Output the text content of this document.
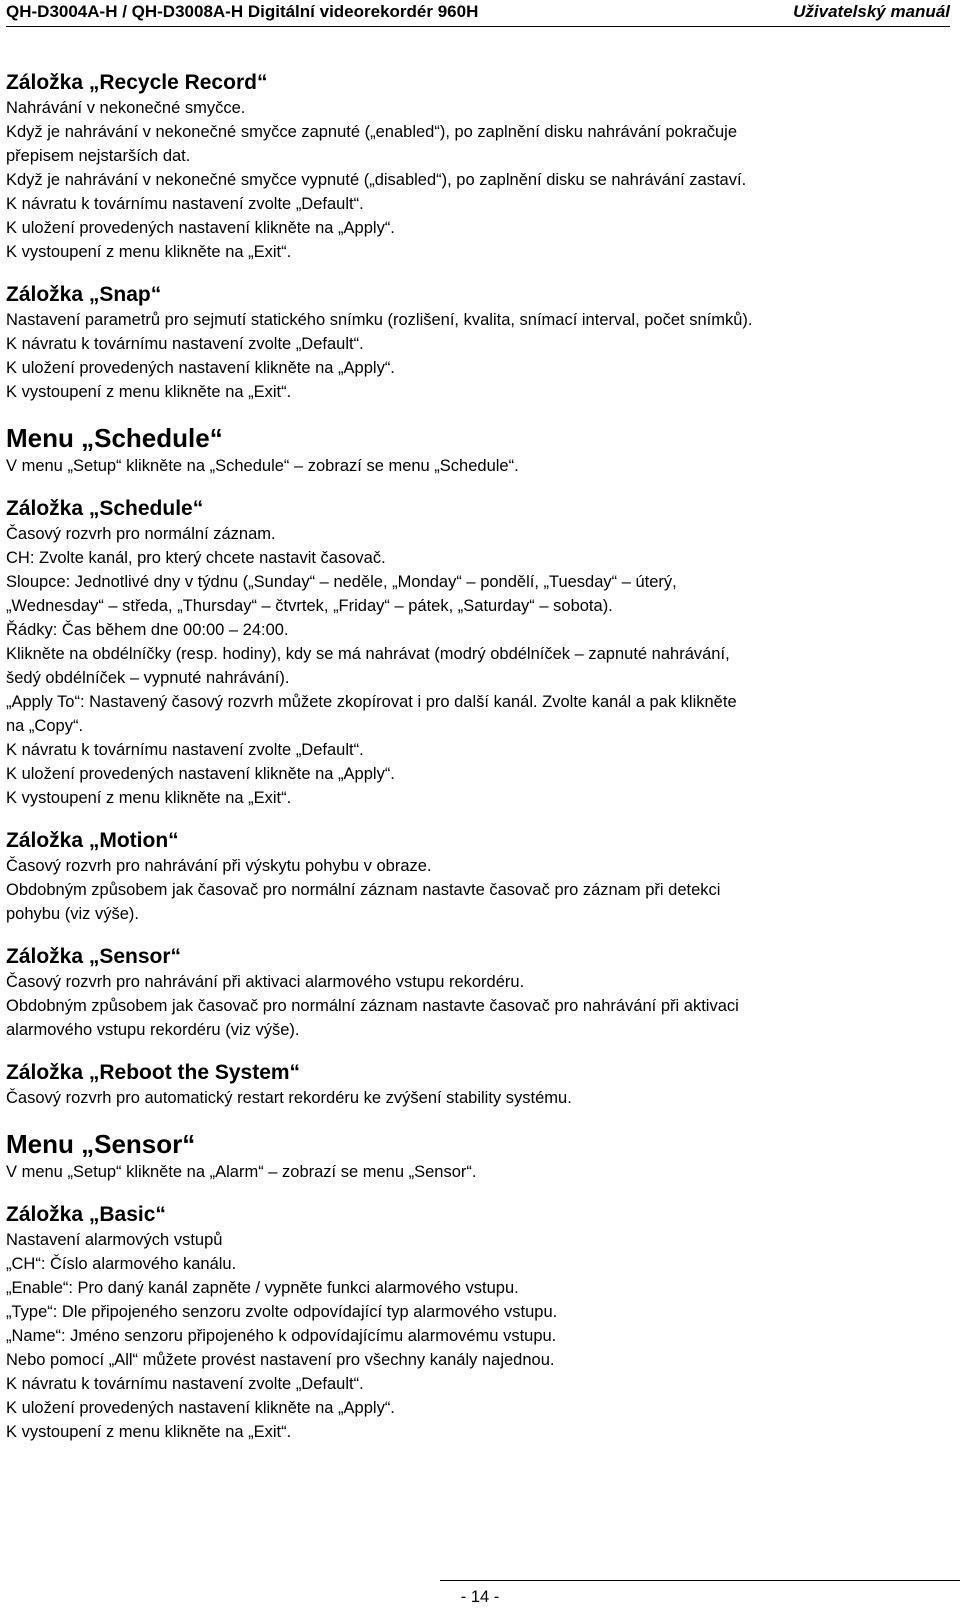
QH-D3004A-H / QH-D3008A-H Digitální videorekordér 960H	Uživatelský manuál
Záložka „Recycle Record“
Nahrávání v nekonečné smyčce.
Když je nahrávání v nekonečné smyčce zapnuté („enabled“), po zaplnění disku nahrávání pokračuje
přepisem nejstarších dat.
Když je nahrávání v nekonečné smyčce vypnuté („disabled“), po zaplnění disku se nahrávání zastaví.
K návratu k továrnímu nastavení zvolte „Default“.
K uložení provedených nastavení klikněte na „Apply“.
K vystoupení z menu klikněte na „Exit“.
Záložka „Snap“
Nastavení parametrů pro sejmutí statického snímku (rozlišení, kvalita, snímací interval, počet snímků).
K návratu k továrnímu nastavení zvolte „Default“.
K uložení provedených nastavení klikněte na „Apply“.
K vystoupení z menu klikněte na „Exit“.
Menu „Schedule“
V menu „Setup“ klikněte na „Schedule“ – zobrazí se menu „Schedule“.
Záložka „Schedule“
Časový rozvrh pro normální záznam.
CH: Zvolte kanál, pro který chcete nastavit časovač.
Sloupce: Jednotlivé dny v týdnu („Sunday“ – neděle, „Monday“ – pondělí, „Tuesday“ – úterý,
„Wednesday“ – středa, „Thursday“ – čtvrtek, „Friday“ – pátek, „Saturday“ – sobota).
Řádky: Čas během dne 00:00 – 24:00.
Klikněte na obdélníčky (resp. hodiny), kdy se má nahrávat (modrý obdélníček – zapnuté nahrávání,
šedý obdélníček – vypnuté nahrávání).
„Apply To“: Nastavený časový rozvrh můžete zkopírovat i pro další kanál. Zvolte kanál a pak klikněte
na „Copy“.
K návratu k továrnímu nastavení zvolte „Default“.
K uložení provedených nastavení klikněte na „Apply“.
K vystoupení z menu klikněte na „Exit“.
Záložka „Motion“
Časový rozvrh pro nahrávání při výskytu pohybu v obraze.
Obdobným způsobem jak časovač pro normální záznam nastavte časovač pro záznam při detekci
pohybu (viz výše).
Záložka „Sensor“
Časový rozvrh pro nahrávání při aktivaci alarmového vstupu rekordéru.
Obdobným způsobem jak časovač pro normální záznam nastavte časovač pro nahrávání při aktivaci
alarmového vstupu rekordéru (viz výše).
Záložka „Reboot the System“
Časový rozvrh pro automatický restart rekordéru ke zvýšení stability systému.
Menu „Sensor“
V menu „Setup“ klikněte na „Alarm“ – zobrazí se menu „Sensor“.
Záložka „Basic“
Nastavení alarmových vstupů
„CH“: Číslo alarmového kanálu.
„Enable“: Pro daný kanál zapněte / vypněte funkci alarmového vstupu.
„Type“: Dle připojeného senzoru zvolte odpovídající typ alarmového vstupu.
„Name“: Jméno senzoru připojeného k odpovídajícímu alarmovému vstupu.
Nebo pomocí „All“ můžete provést nastavení pro všechny kanály najednou.
K návratu k továrnímu nastavení zvolte „Default“.
K uložení provedených nastavení klikněte na „Apply“.
K vystoupení z menu klikněte na „Exit“.
- 14 -
